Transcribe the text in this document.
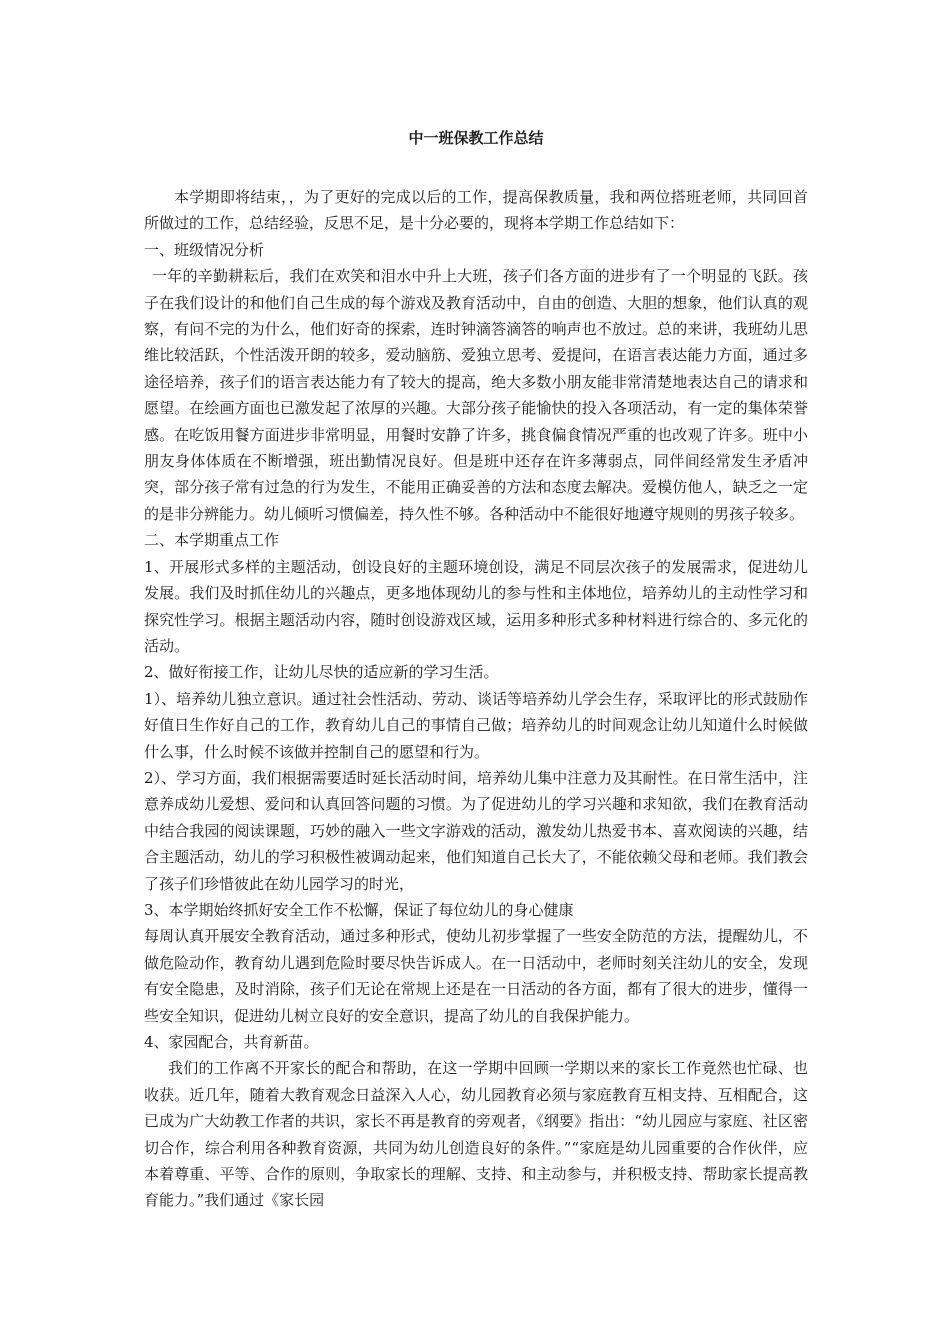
中一班保教工作总结

本学期即将结束，，为了更好的完成以后的工作，提高保教质量，我和两位搭班老师，共同回首所做过的工作，总结经验，反思不足，是十分必要的，现将本学期工作总结如下：

一、班级情况分析

一年的辛勤耕耘后，我们在欢笑和泪水中升上大班，孩子们各方面的进步有了一个明显的飞跃。孩子在我们设计的和他们自己生成的每个游戏及教育活动中，自由的创造、大胆的想象，他们认真的观察，有问不完的为什么，他们好奇的探索，连时钟滴答滴答的响声也不放过。总的来讲，我班幼儿思维比较活跃，个性活泼开朗的较多，爱动脑筋、爱独立思考、爱提问，在语言表达能力方面，通过多途径培养，孩子们的语言表达能力有了较大的提高，绝大多数小朋友能非常清楚地表达自己的请求和愿望。在绘画方面也已激发起了浓厚的兴趣。大部分孩子能愉快的投入各项活动，有一定的集体荣誉感。在吃饭用餐方面进步非常明显，用餐时安静了许多，挑食偏食情况严重的也改观了许多。班中小朋友身体体质在不断增强，班出勤情况良好。但是班中还存在许多薄弱点，同伴间经常发生矛盾冲突，部分孩子常有过急的行为发生，不能用正确妥善的方法和态度去解决。爱模仿他人，缺乏之一定的是非分辨能力。幼儿倾听习惯偏差，持久性不够。各种活动中不能很好地遵守规则的男孩子较多。

二、本学期重点工作

1、开展形式多样的主题活动，创设良好的主题环境创设，满足不同层次孩子的发展需求，促进幼儿发展。我们及时抓住幼儿的兴趣点，更多地体现幼儿的参与性和主体地位，培养幼儿的主动性学习和探究性学习。根据主题活动内容，随时创设游戏区域，运用多种形式多种材料进行综合的、多元化的活动。

2、做好衔接工作，让幼儿尽快的适应新的学习生活。

1）、培养幼儿独立意识。通过社会性活动、劳动、谈话等培养幼儿学会生存，采取评比的形式鼓励作好值日生作好自己的工作，教育幼儿自己的事情自己做；培养幼儿的时间观念让幼儿知道什么时候做什么事，什么时候不该做并控制自己的愿望和行为。

2）、学习方面，我们根据需要适时延长活动时间，培养幼儿集中注意力及其耐性。在日常生活中，注意养成幼儿爱想、爱问和认真回答问题的习惯。为了促进幼儿的学习兴趣和求知欲，我们在教育活动中结合我园的阅读课题，巧妙的融入一些文字游戏的活动，激发幼儿热爱书本、喜欢阅读的兴趣，结合主题活动，幼儿的学习积极性被调动起来，他们知道自己长大了，不能依赖父母和老师。我们教会了孩子们珍惜彼此在幼儿园学习的时光，

3、本学期始终抓好安全工作不松懈，保证了每位幼儿的身心健康

每周认真开展安全教育活动，通过多种形式，使幼儿初步掌握了一些安全防范的方法，提醒幼儿，不做危险动作，教育幼儿遇到危险时要尽快告诉成人。在一日活动中，老师时刻关注幼儿的安全，发现有安全隐患，及时消除，孩子们无论在常规上还是在一日活动的各方面，都有了很大的进步，懂得一些安全知识，促进幼儿树立良好的安全意识，提高了幼儿的自我保护能力。

4、家园配合，共育新苗。

我们的工作离不开家长的配合和帮助，在这一学期中回顾一学期以来的家长工作竟然也忙碌、也收获。近几年，随着大教育观念日益深入人心，幼儿园教育必须与家庭教育互相支持、互相配合，这已成为广大幼教工作者的共识，家长不再是教育的旁观者，《纲要》指出：“幼儿园应与家庭、社区密切合作，综合利用各种教育资源，共同为幼儿创造良好的条件。”“家庭是幼儿园重要的合作伙伴，应本着尊重、平等、合作的原则，争取家长的理解、支持、和主动参与，并积极支持、帮助家长提高教育能力。”我们通过《家长园
